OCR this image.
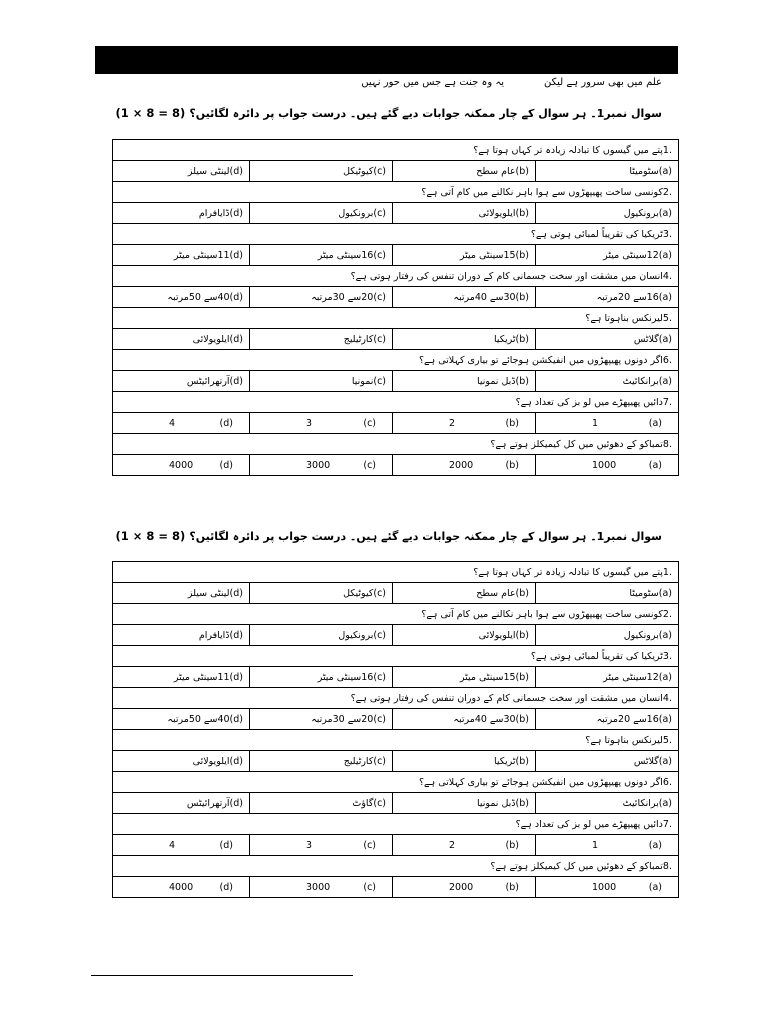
علم میں بھی سرور ہے لیکن
یہ وہ جنت ہے جس میں حور نہیں
سوال نمبر1۔ ہر سوال کے چار ممکنہ جوابات دیے گئے ہیں۔ درست جواب پر دائرہ لگائیں؟(1 × 8 = 8)
.1پتے میں گیسوں کا تبادلہ زیادہ تر کہاں ہوتا ہے؟			
(a)سٹومیٹا	(b)عام سطح	(c)کیوٹیکل	(d)لینٹی سیلز
.2کونسی ساخت پھیپھڑوں سے ہوا باہر نکالنے میں کام آتی ہے؟			
(a)برونکیول	(b)ایلویولائی	(c)برونکیول	(d)ڈایافرام
.3ٹریکیا کی تقریباً لمبائی ہوتی ہے؟			
(a)12سینٹی میٹر	(b)15سینٹی میٹر	(c)16سینٹی میٹر	(d)11سینٹی میٹر
.4انسان میں مشقت اور سخت جسمانی کام کے دوران تنفس کی رفتار ہوتی ہے؟			
(a)16سے 20مرتبہ	(b)30سے 40مرتبہ	(c)20سے 30مرتبہ	(d)40سے 50مرتبہ
.5لیرنکس بناہوتا ہے؟			
(a)گلاٹس	(b)ٹریکیا	(c)کارٹیلیج	(d)ایلویولائی
.6اگر دونوں پھیپھڑوں میں انفیکشن ہوجائے تو بیاری کہلاتی ہے؟			
(a)برانکائیٹ	(b)ڈبل نمونیا	(c)نمونیا	(d)آرتھرائیٹس
.7دائیں پھیپھڑے میں لو بز کی تعداد ہے؟			

1 (a)	2 (b)	3 (c)	4 (d)

.8تمباکو کے دھوئیں میں کل کیمیکلز ہوتے ہے؟			

1000 (a)	2000 (b)	3000 (c)	4000 (d)
سوال نمبر1۔ ہر سوال کے چار ممکنہ جوابات دیے گئے ہیں۔ درست جواب پر دائرہ لگائیں؟(1 × 8 = 8)
.1پتے میں گیسوں کا تبادلہ زیادہ تر کہاں ہوتا ہے؟			
(a)سٹومیٹا	(b)عام سطح	(c)کیوٹیکل	(d)لینٹی سیلز
.2کونسی ساخت پھیپھڑوں سے ہوا باہر نکالنے میں کام آتی ہے؟			
(a)برونکیول	(b)ایلویولائی	(c)برونکیول	(d)ڈایافرام
.3ٹریکیا کی تقریباً لمبائی ہوتی ہے؟			
(a)12سینٹی میٹر	(b)15سینٹی میٹر	(c)16سینٹی میٹر	(d)11سینٹی میٹر
.4انسان میں مشقت اور سخت جسمانی کام کے دوران تنفس کی رفتار ہوتی ہے؟			
(a)16سے 20مرتبہ	(b)30سے 40مرتبہ	(c)20سے 30مرتبہ	(d)40سے 50مرتبہ
.5لیرنکس بناہوتا ہے؟			
(a)گلاٹس	(b)ٹریکیا	(c)کارٹیلیج	(d)ایلویولائی
.6اگر دونوں پھیپھڑوں میں انفیکشن ہوجائے تو بیاری کہلاتی ہے؟			
(a)برانکائیٹ	(b)ڈبل نمونیا	(c)گاؤٹ	(d)آرتھرائیٹس
.7دائیں پھیپھڑے میں لو بز کی تعداد ہے؟			

1 (a)	2 (b)	3 (c)	4 (d)

.8تمباکو کے دھوئیں میں کل کیمیکلز ہوتے ہے؟			

1000 (a)	2000 (b)	3000 (c)	4000 (d)
